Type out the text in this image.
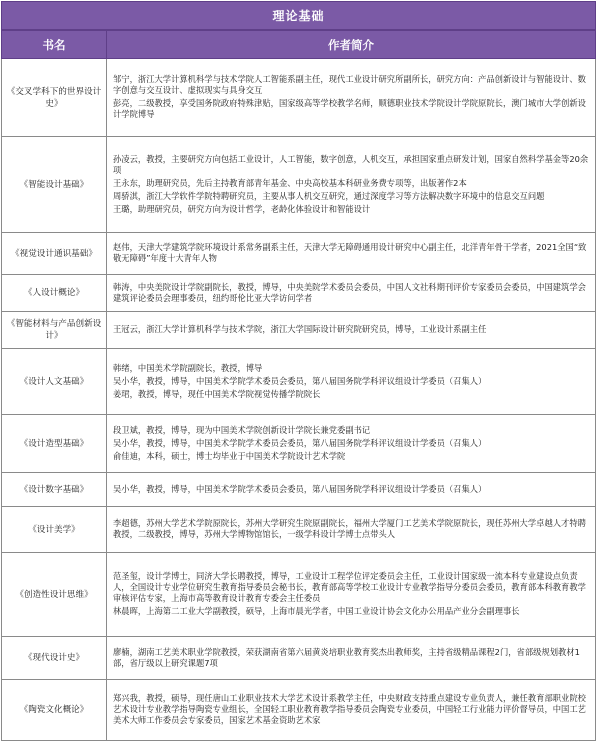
理论基础
书名	作者简介
《交叉学科下的世界设计史》	邹宁，浙江大学计算机科学与技术学院人工智能系副主任，现代工业设计研究所副所长，研究方向：产品创新设计与智能设计、数字创意与交互设计、虚拟现实与具身交互
彭亮，二级教授，享受国务院政府特殊津贴，国家级高等学校教学名师，顺德职业技术学院设计学院原院长，澳门城市大学创新设计学院博导

《智能设计基础》	孙凌云，教授，主要研究方向包括工业设计，人工智能，数字创意，人机交互，承担国家重点研发计划，国家自然科学基金等20余项
王永东，助理研究员，先后主持教育部青年基金、中央高校基本科研业务费专项等，出版著作2本
周骄淇，浙江大学软件学院特聘研究员，主要从事人机交互研究，通过深度学习等方法解决数字环境中的信息交互问题
王璐，助理研究员，研究方向为设计哲学，老龄化体验设计和智能设计

《视觉设计通识基础》	赵伟，天津大学建筑学院环境设计系常务副系主任，天津大学无障碍通用设计研究中心副主任，北洋青年骨干学者，2021全国“致敬无障碍”年度十大青年人物

《人设计概论》	韩涛，中央美院设计学院副院长，教授，博导，中央美院学术委员会委员，中国人文社科期刊评价专家委员会委员，中国建筑学会建筑评论委员会理事委员，纽约哥伦比亚大学访问学者

《智能材料与产品创新设计》	王冠云，浙江大学计算机科学与技术学院，浙江大学国际设计研究院研究员，博导，工业设计系副主任

《设计人文基础》	韩绪，中国美术学院副院长，教授，博导
吴小华，教授，博导，中国美术学院学术委员会委员，第八届国务院学科评议组设计学委员（召集人）
姜珺，教授，博导，现任中国美术学院视觉传播学院院长

《设计造型基础》	段卫斌，教授，博导，现为中国美术学院创新设计学院长兼党委副书记
吴小华，教授，博导，中国美术学院学术委员会委员，第八届国务院学科评议组设计学委员（召集人）
俞佳迪，本科，硕士，博士均毕业于中国美术学院设计艺术学院

《设计数字基础》	吴小华，教授，博导，中国美术学院学术委员会委员，第八届国务院学科评议组设计学委员（召集人）

《设计美学》	李超德，苏州大学艺术学院原院长，苏州大学研究生院原副院长，福州大学厦门工艺美术学院原院长，现任苏州大学卓越人才特聘教授，二级教授，博导，苏州大学博物馆馆长，一级学科设计学博士点带头人

《创造性设计思维》	范圣玺，设计学博士，同济大学长聘教授，博导，工业设计工程学位评定委员会主任，工业设计国家级一流本科专业建设点负责人，全国设计专业学位研究生教育指导委员会秘书长，教育部高等学校工业设计专业教学指导分委员会委员，教育部本科教育教学审核评估专家，上海市高等教育设计教育专委会主任委员
林晨晖，上海第二工业大学副教授，硕导，上海市晨光学者，中国工业设计协会文化办公用品产业分会副理事长

《现代设计史》	廖楠，湖南工艺美术职业学院教授，荣获湖南省第六届黄炎培职业教育奖杰出教师奖，主持省级精品课程2门，省部级规划教材1部，省厅级以上研究课题7项

《陶瓷文化概论》	郑兴我，教授，硕导，现任唐山工业职业技术大学艺术设计系教学主任，中央财政支持重点建设专业负责人，兼任教育部职业院校艺术设计专业教学指导陶瓷专业组长，全国轻工职业教育教学指导委员会陶瓷专业委员，中国轻工行业能力评价督导员，中国工艺美术大师工作委员会专家委员，国家艺术基金资助艺术家
